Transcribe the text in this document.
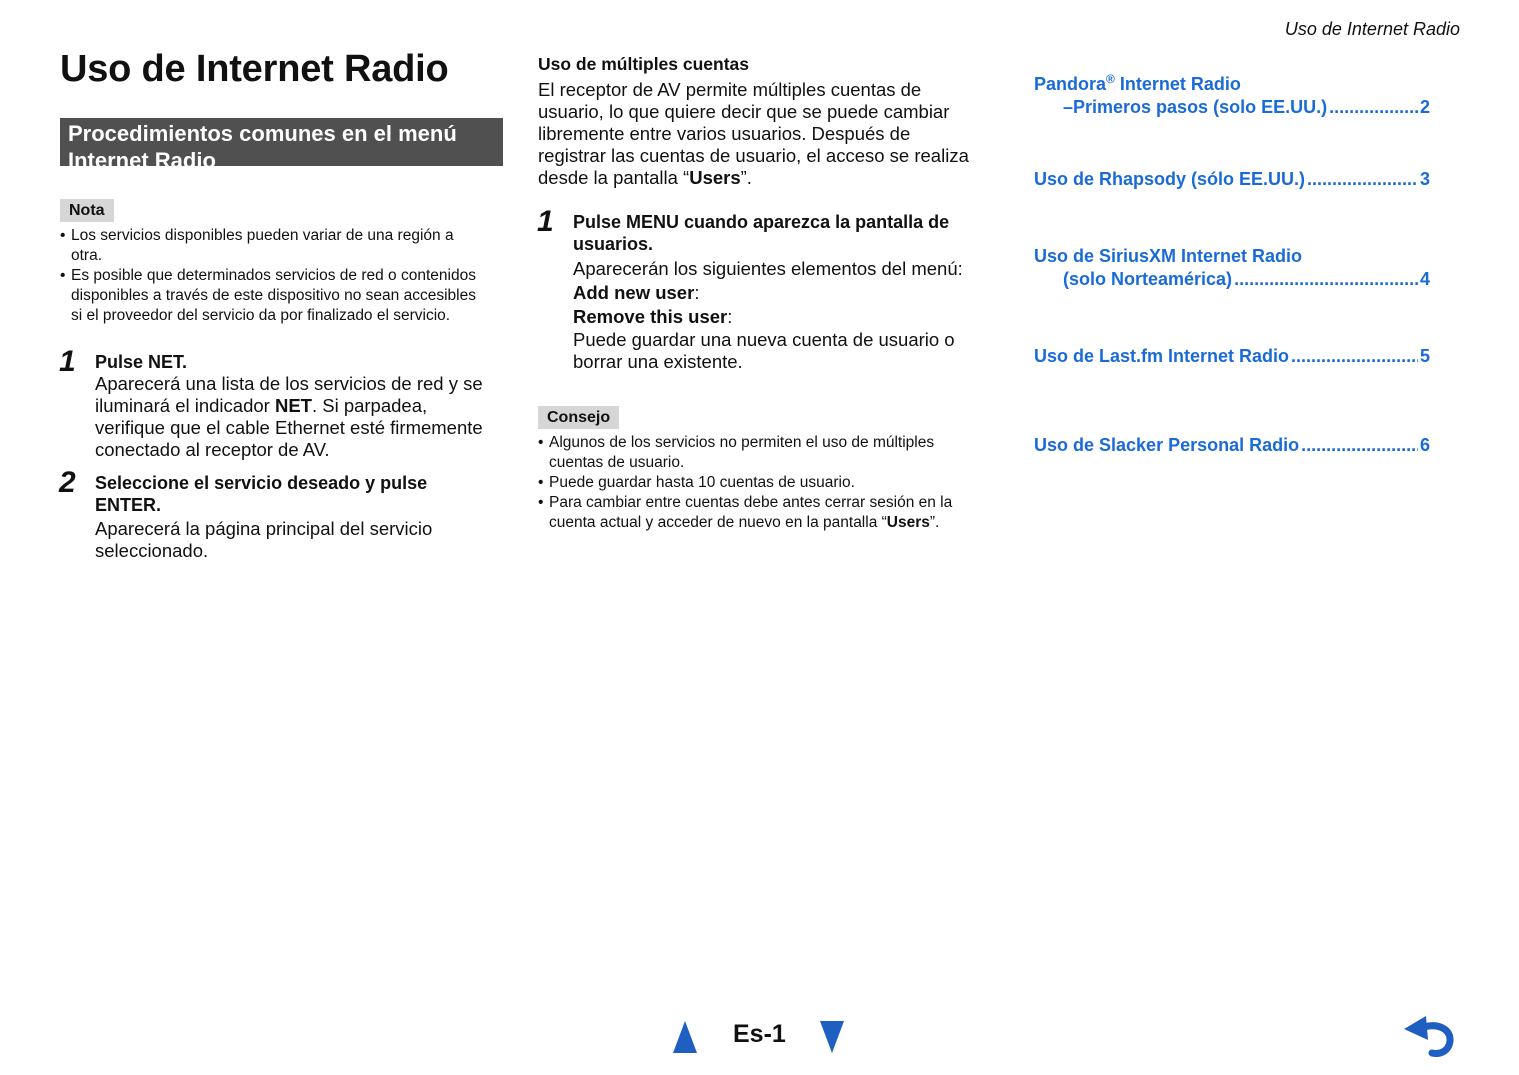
Uso de Internet Radio
Uso de Internet Radio
Procedimientos comunes en el menú
Internet Radio
Nota
• Los servicios disponibles pueden variar de una región a
otra.
• Es posible que determinados servicios de red o contenidos
disponibles a través de este dispositivo no sean accesibles
si el proveedor del servicio da por finalizado el servicio.
1 Pulse NET.
Aparecerá una lista de los servicios de red y se
iluminará el indicador NET. Si parpadea,
verifique que el cable Ethernet esté firmemente
conectado al receptor de AV.
2 Seleccione el servicio deseado y pulse
ENTER.
Aparecerá la página principal del servicio
seleccionado.
Uso de múltiples cuentas
El receptor de AV permite múltiples cuentas de
usuario, lo que quiere decir que se puede cambiar
libremente entre varios usuarios. Después de
registrar las cuentas de usuario, el acceso se realiza
desde la pantalla “Users”.
1 Pulse MENU cuando aparezca la pantalla de
usuarios.
Aparecerán los siguientes elementos del menú:
Add new user:
Remove this user:
Puede guardar una nueva cuenta de usuario o
borrar una existente.
Consejo
• Algunos de los servicios no permiten el uso de múltiples
cuentas de usuario.
• Puede guardar hasta 10 cuentas de usuario.
• Para cambiar entre cuentas debe antes cerrar sesión en la
cuenta actual y acceder de nuevo en la pantalla “Users”.
Pandora® Internet Radio
–Primeros pasos (solo EE.UU.) .....	2
Uso de Rhapsody (sólo EE.UU.) .....	3
Uso de SiriusXM Internet Radio
(solo Norteamérica) .....	4
Uso de Last.fm Internet Radio .....	5
Uso de Slacker Personal Radio .....	6
Es-1
